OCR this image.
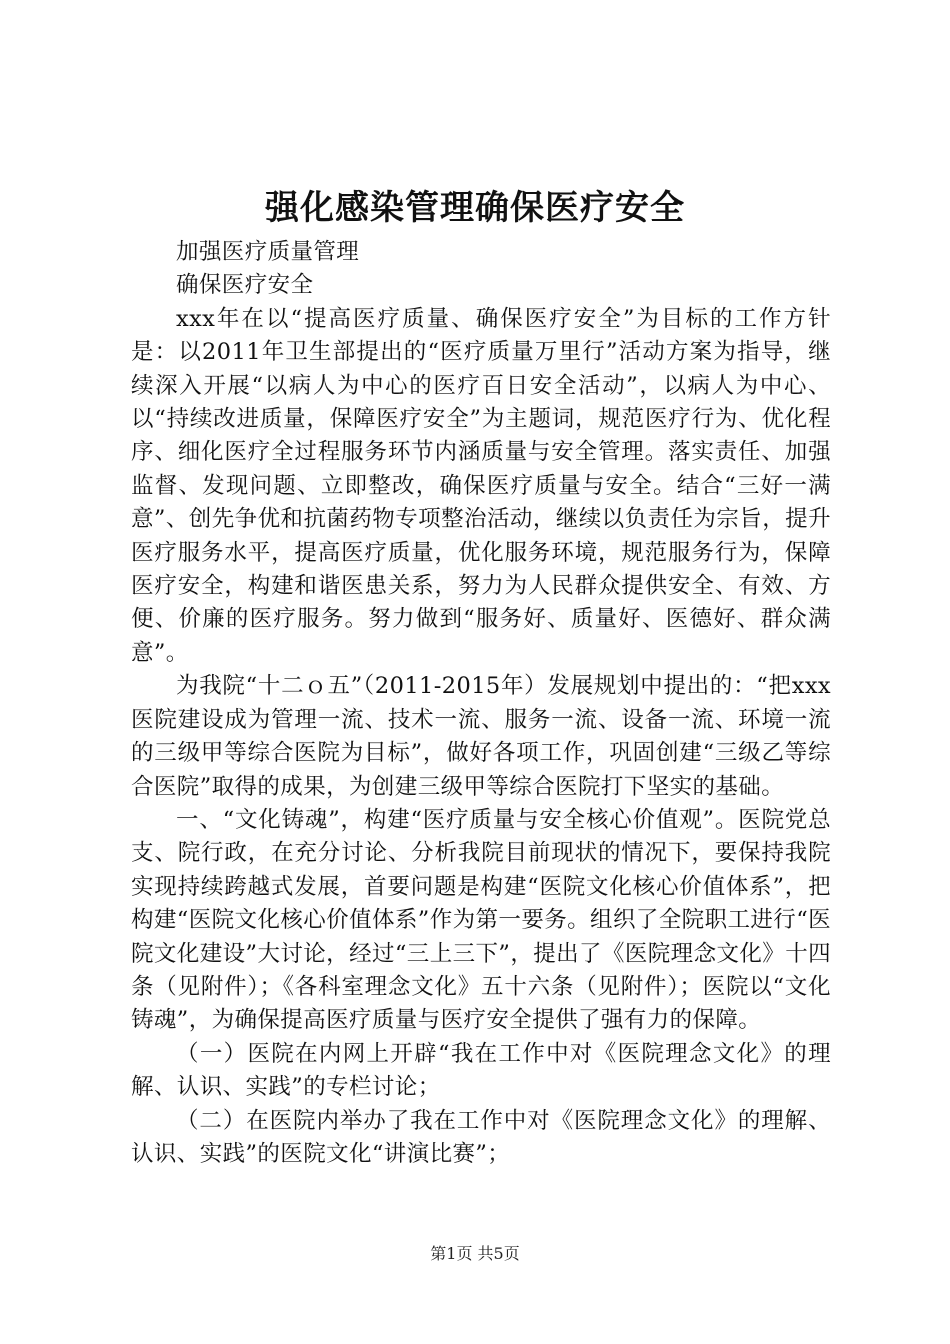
强化感染管理确保医疗安全

加强医疗质量管理

确保医疗安全

xxx年在以“提高医疗质量、确保医疗安全”为目标的工作方针是：以2011年卫生部提出的“医疗质量万里行”活动方案为指导，继续深入开展“以病人为中心的医疗百日安全活动”，以病人为中心、以“持续改进质量，保障医疗安全”为主题词，规范医疗行为、优化程序、细化医疗全过程服务环节内涵质量与安全管理。落实责任、加强监督、发现问题、立即整改，确保医疗质量与安全。结合“三好一满意”、创先争优和抗菌药物专项整治活动，继续以负责任为宗旨，提升医疗服务水平，提高医疗质量，优化服务环境，规范服务行为，保障医疗安全，构建和谐医患关系，努力为人民群众提供安全、有效、方便、价廉的医疗服务。努力做到“服务好、质量好、医德好、群众满意”。

为我院“十二ｏ五”（2011-2015年）发展规划中提出的：“把xxx医院建设成为管理一流、技术一流、服务一流、设备一流、环境一流的三级甲等综合医院为目标”，做好各项工作，巩固创建“三级乙等综合医院”取得的成果，为创建三级甲等综合医院打下坚实的基础。

一、“文化铸魂”，构建“医疗质量与安全核心价值观”。医院党总支、院行政，在充分讨论、分析我院目前现状的情况下，要保持我院实现持续跨越式发展，首要问题是构建“医院文化核心价值体系”，把构建“医院文化核心价值体系”作为第一要务。组织了全院职工进行“医院文化建设”大讨论，经过“三上三下”，提出了《医院理念文化》十四条（见附件）；《各科室理念文化》五十六条（见附件）；医院以“文化铸魂”，为确保提高医疗质量与医疗安全提供了强有力的保障。

（一）医院在内网上开辟“我在工作中对《医院理念文化》的理解、认识、实践”的专栏讨论；

（二）在医院内举办了我在工作中对《医院理念文化》的理解、认识、实践”的医院文化“讲演比赛”；

第1页 共5页
